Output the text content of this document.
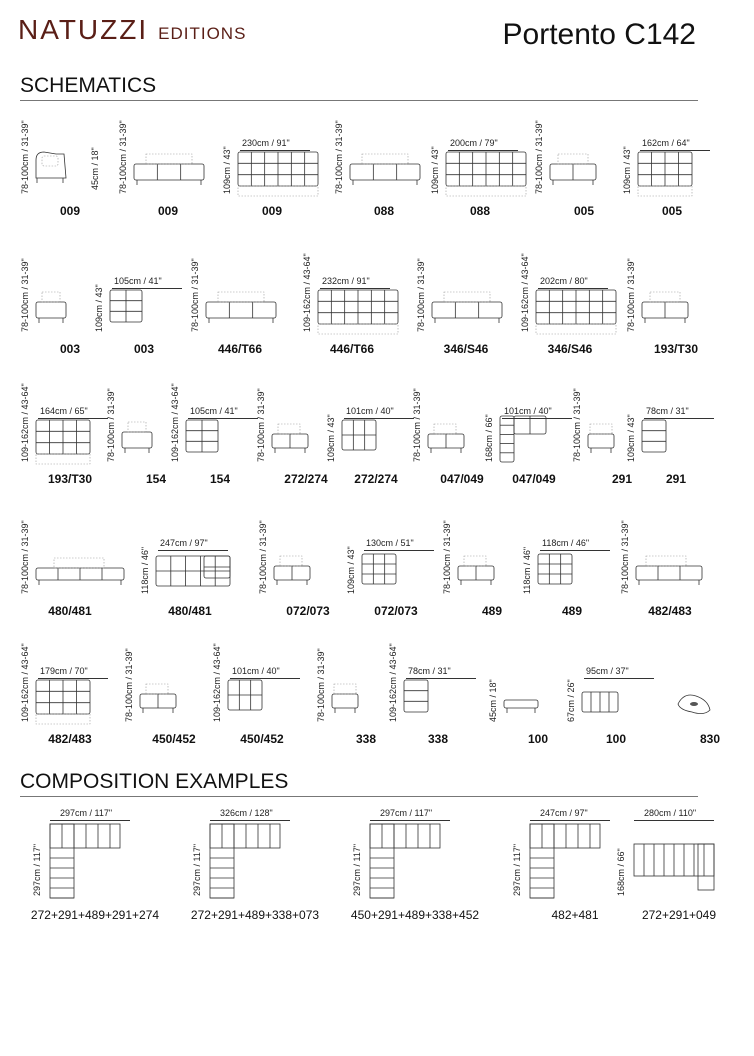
NATUZZI EDITIONS	Portento C142
SCHEMATICS
78-100cm / 31-39"	45cm / 18"
009
78-100cm / 31-39"
009
109cm / 43"
230cm / 91"
009
78-100cm / 31-39"
088
109cm / 43"
200cm / 79"
088
78-100cm / 31-39"
005
109cm / 43"
162cm / 64"
005
78-100cm / 31-39"
003
109cm / 43"
105cm / 41"
003
78-100cm / 31-39"
446/T66
109-162cm / 43-64" 232cm / 91"
446/T66
78-100cm / 31-39"
346/S46
109-162cm / 43-64" 202cm / 80"
346/S46
78-100cm / 31-39"
193/T30
109-162cm / 43-64" 164cm / 65"
193/T30
78-100cm / 31-39"
154
109-162cm / 43-64" 105cm / 41"
154
78-100cm / 31-39"
272/274
109cm / 43"
101cm / 40"
272/274
78-100cm / 31-39"
047/049
168cm / 66"
101cm / 40"
047/049
78-100cm / 31-39"
291
109cm / 43"
78cm / 31"
291
78-100cm / 31-39"
480/481
118cm / 46"
247cm / 97"
480/481
78-100cm / 31-39"
072/073
109cm / 43"
130cm / 51"
072/073
78-100cm / 31-39"
489
118cm / 46"
118cm / 46"
489
78-100cm / 31-39"
482/483
109-162cm / 43-64" 179cm / 70"
482/483
78-100cm / 31-39"
450/452
109-162cm / 43-64" 101cm / 40"
450/452
78-100cm / 31-39"
338
109-162cm / 43-64" 78cm / 31"
338
45cm / 18"
100
67cm / 26"
95cm / 37"
100	830
COMPOSITION EXAMPLES
297cm / 117"
297cm / 117"
272+291+489+291+274
297cm / 117"
326cm / 128"
272+291+489+338+073
297cm / 117"
297cm / 117"
450+291+489+338+452
297cm / 117"
247cm / 97"
482+481
168cm / 66"
280cm / 110"
272+291+049
